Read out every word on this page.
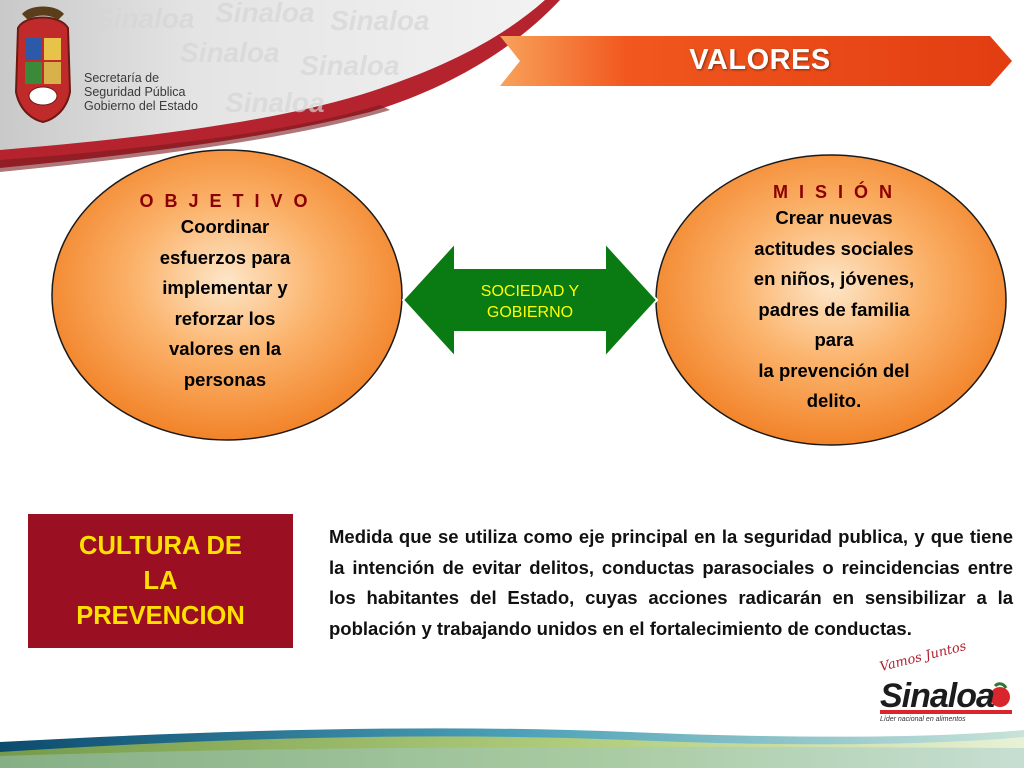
Sinaloa Sinaloa Sinaloa
Sinaloa Sinaloa
Sinaloa
Secretaría de
Seguridad Pública
Gobierno del Estado
VALORES
O B J E T I V O
Coordinar
esfuerzos para
implementar y
reforzar los
valores en la
personas
M I S I Ó N
Crear nuevas
actitudes sociales
en niños, jóvenes,
padres de familia
para
la prevención del
delito.
SOCIEDAD Y
GOBIERNO
CULTURA DE
LA
PREVENCION
Medida que se utiliza como eje principal en la seguridad publica, y que tiene la intención de evitar delitos, conductas parasociales o reincidencias entre los habitantes del Estado, cuyas acciones radicarán en sensibilizar a la población y trabajando unidos en el fortalecimiento de conductas.
Vamos Juntos
Sinaloa
Líder nacional en alimentos
